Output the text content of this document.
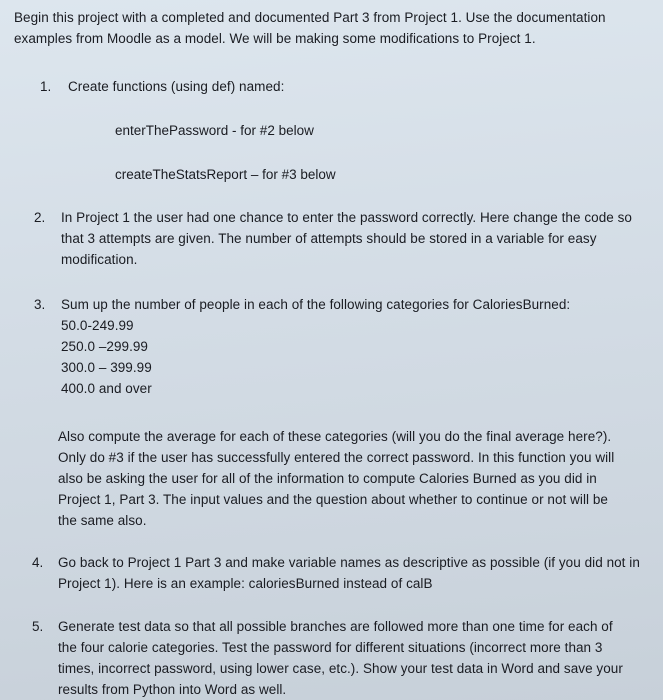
Begin this project with a completed and documented Part 3 from Project 1. Use the documentation
examples from Moodle as a model. We will be making some modifications to Project 1.
1. Create functions (using def) named:
enterThePassword - for #2 below
createTheStatsReport – for #3 below
2. In Project 1 the user had one chance to enter the password correctly. Here change the code so
that 3 attempts are given. The number of attempts should be stored in a variable for easy
modification.
3. Sum up the number of people in each of the following categories for CaloriesBurned:
50.0-249.99
250.0 –299.99
300.0 – 399.99
400.0 and over
Also compute the average for each of these categories (will you do the final average here?).
Only do #3 if the user has successfully entered the correct password. In this function you will
also be asking the user for all of the information to compute Calories Burned as you did in
Project 1, Part 3. The input values and the question about whether to continue or not will be
the same also.
4. Go back to Project 1 Part 3 and make variable names as descriptive as possible (if you did not in
Project 1). Here is an example: caloriesBurned instead of calB
5. Generate test data so that all possible branches are followed more than one time for each of
the four calorie categories. Test the password for different situations (incorrect more than 3
times, incorrect password, using lower case, etc.). Show your test data in Word and save your
results from Python into Word as well.
